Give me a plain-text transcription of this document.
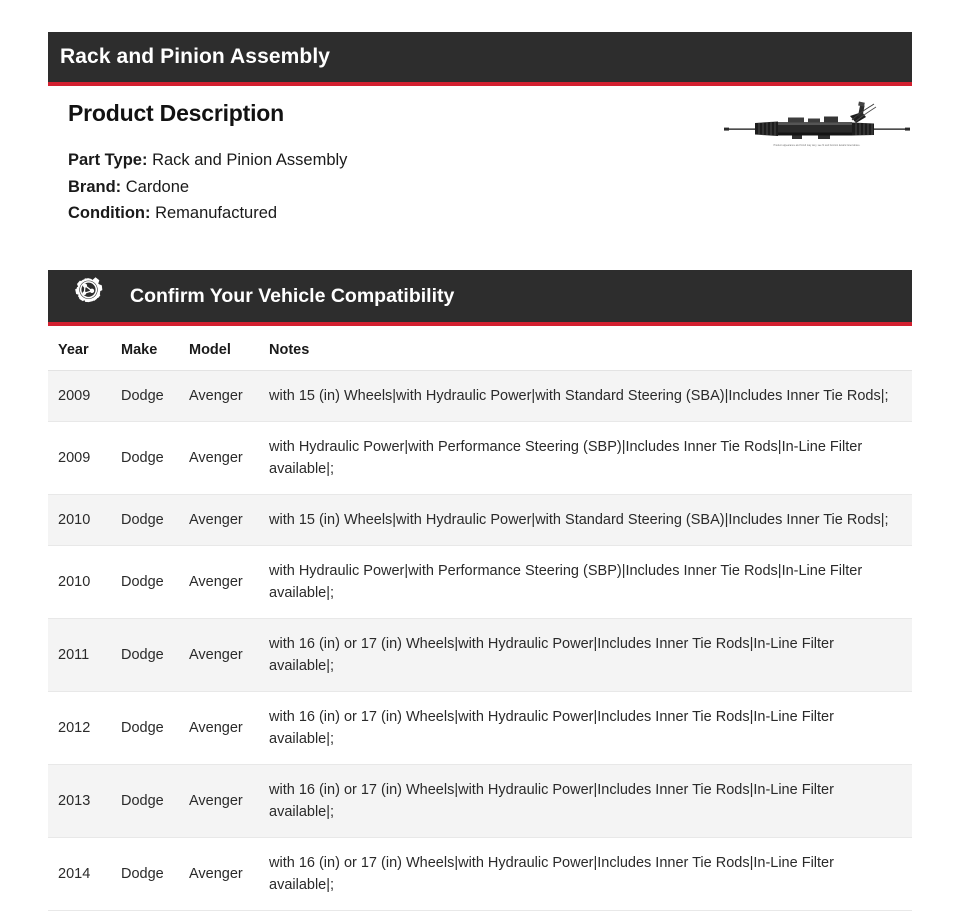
Rack and Pinion Assembly
Product Description
Part Type: Rack and Pinion Assembly
Brand: Cardone
Condition: Remanufactured
Product appearance and finish may vary, see fit and function details listed above.
Confirm Your Vehicle Compatibility
Year	Make	Model	Notes
2009	Dodge	Avenger	with 15 (in) Wheels|with Hydraulic Power|with Standard Steering (SBA)|Includes Inner Tie Rods|;
2009	Dodge	Avenger	with Hydraulic Power|with Performance Steering (SBP)|Includes Inner Tie Rods|In-Line Filter available|;
2010	Dodge	Avenger	with 15 (in) Wheels|with Hydraulic Power|with Standard Steering (SBA)|Includes Inner Tie Rods|;
2010	Dodge	Avenger	with Hydraulic Power|with Performance Steering (SBP)|Includes Inner Tie Rods|In-Line Filter available|;
2011	Dodge	Avenger	with 16 (in) or 17 (in) Wheels|with Hydraulic Power|Includes Inner Tie Rods|In-Line Filter available|;
2012	Dodge	Avenger	with 16 (in) or 17 (in) Wheels|with Hydraulic Power|Includes Inner Tie Rods|In-Line Filter available|;
2013	Dodge	Avenger	with 16 (in) or 17 (in) Wheels|with Hydraulic Power|Includes Inner Tie Rods|In-Line Filter available|;
2014	Dodge	Avenger	with 16 (in) or 17 (in) Wheels|with Hydraulic Power|Includes Inner Tie Rods|In-Line Filter available|;
